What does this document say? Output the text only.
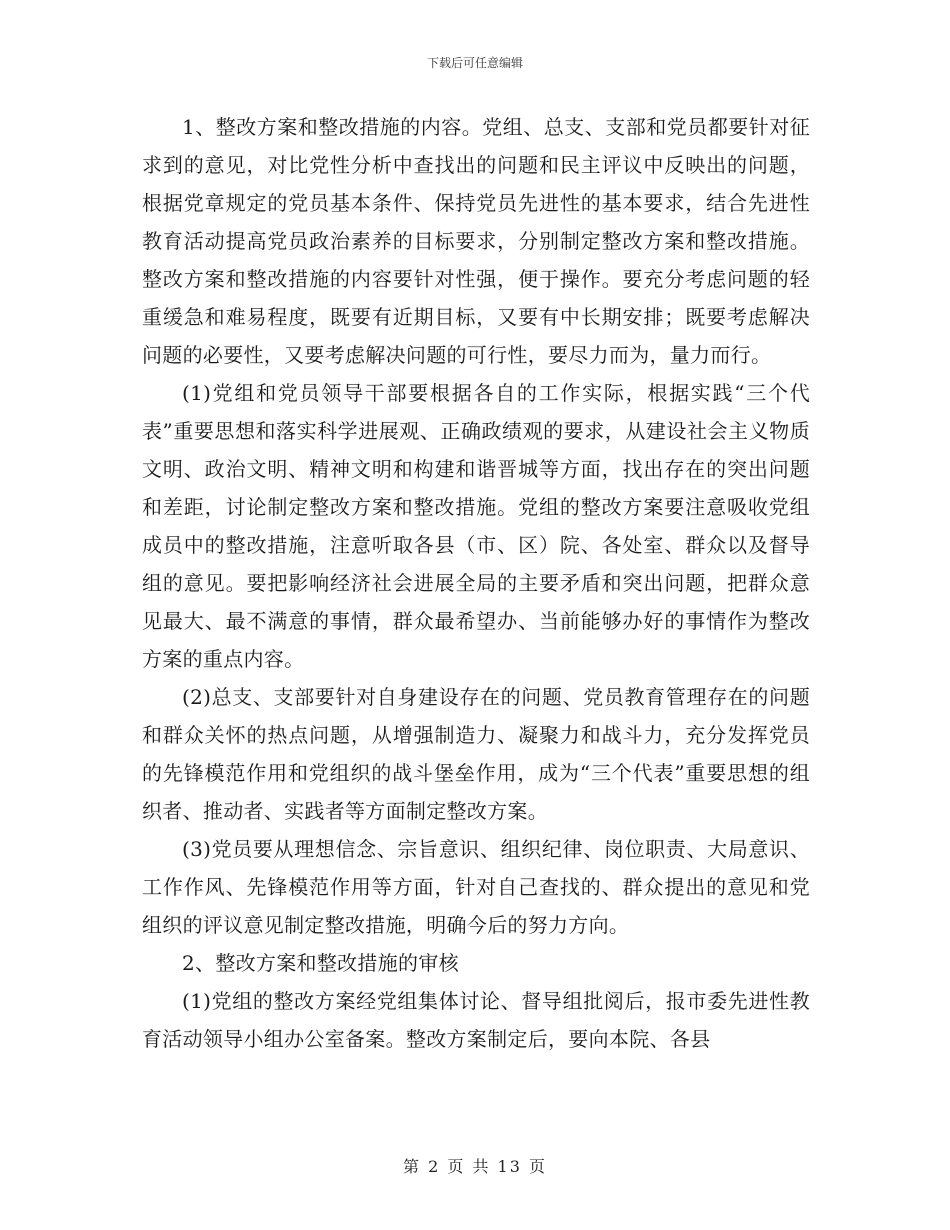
下载后可任意编辑

1、整改方案和整改措施的内容。党组、总支、支部和党员都要针对征求到的意见，对比党性分析中查找出的问题和民主评议中反映出的问题，根据党章规定的党员基本条件、保持党员先进性的基本要求，结合先进性教育活动提高党员政治素养的目标要求，分别制定整改方案和整改措施。整改方案和整改措施的内容要针对性强，便于操作。要充分考虑问题的轻重缓急和难易程度，既要有近期目标，又要有中长期安排；既要考虑解决问题的必要性，又要考虑解决问题的可行性，要尽力而为，量力而行。

(1)党组和党员领导干部要根据各自的工作实际，根据实践“三个代表”重要思想和落实科学进展观、正确政绩观的要求，从建设社会主义物质文明、政治文明、精神文明和构建和谐晋城等方面，找出存在的突出问题和差距，讨论制定整改方案和整改措施。党组的整改方案要注意吸收党组成员中的整改措施，注意听取各县（市、区）院、各处室、群众以及督导组的意见。要把影响经济社会进展全局的主要矛盾和突出问题，把群众意见最大、最不满意的事情，群众最希望办、当前能够办好的事情作为整改方案的重点内容。

(2)总支、支部要针对自身建设存在的问题、党员教育管理存在的问题和群众关怀的热点问题，从增强制造力、凝聚力和战斗力，充分发挥党员的先锋模范作用和党组织的战斗堡垒作用，成为“三个代表”重要思想的组织者、推动者、实践者等方面制定整改方案。

(3)党员要从理想信念、宗旨意识、组织纪律、岗位职责、大局意识、工作作风、先锋模范作用等方面，针对自己查找的、群众提出的意见和党组织的评议意见制定整改措施，明确今后的努力方向。

2、整改方案和整改措施的审核

(1)党组的整改方案经党组集体讨论、督导组批阅后，报市委先进性教育活动领导小组办公室备案。整改方案制定后，要向本院、各县

第 2 页 共 13 页
